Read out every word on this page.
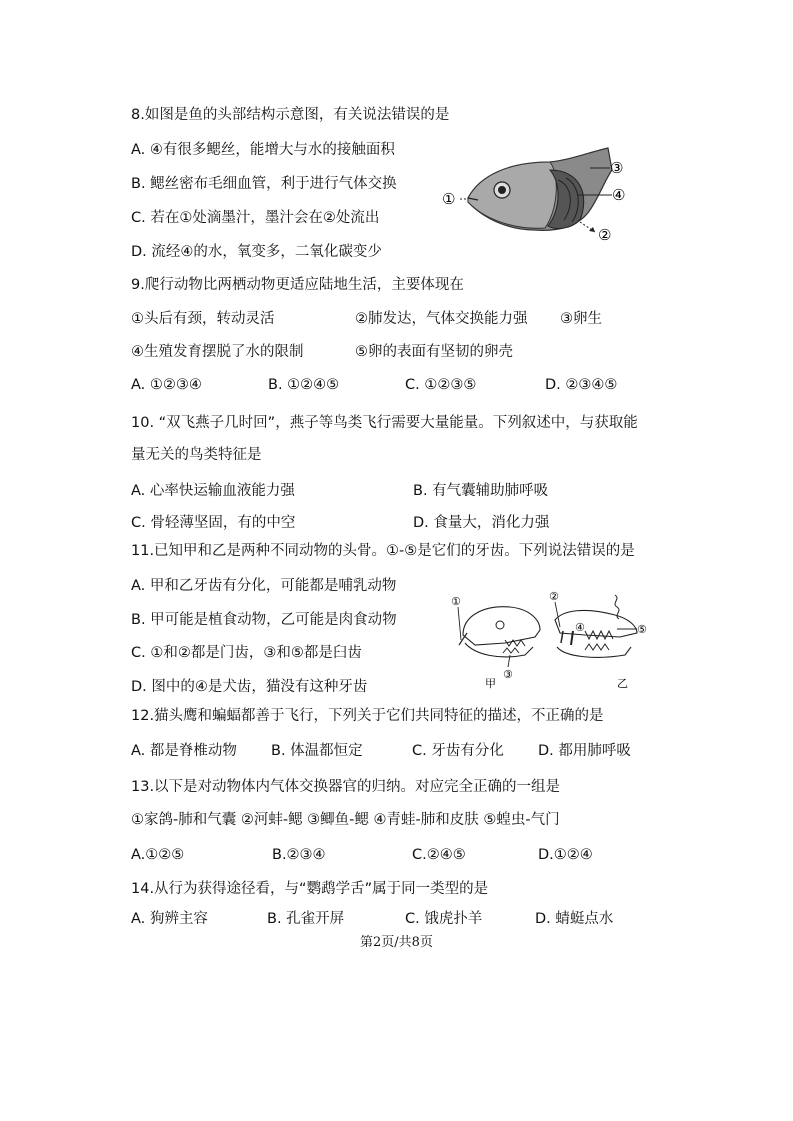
8.如图是鱼的头部结构示意图，有关说法错误的是
A. ④有很多鳃丝，能增大与水的接触面积
B. 鳃丝密布毛细血管，利于进行气体交换
C. 若在①处滴墨汁，墨汁会在②处流出
D. 流经④的水，氧变多，二氧化碳变少
①
③
④
②
9.爬行动物比两栖动物更适应陆地生活，主要体现在
①头后有颈，转动灵活	②肺发达，气体交换能力强 ③卵生
④生殖发育摆脱了水的限制	⑤卵的表面有坚韧的卵壳
A. ①②③④	B. ①②④⑤	C. ①②③⑤	D. ②③④⑤
10. “双飞燕子几时回”，燕子等鸟类飞行需要大量能量。下列叙述中，与获取能
量无关的鸟类特征是
A. 心率快运输血液能力强	B. 有气囊辅助肺呼吸
C. 骨轻薄坚固，有的中空	D. 食量大，消化力强
11.已知甲和乙是两种不同动物的头骨。①-⑤是它们的牙齿。下列说法错误的是
A. 甲和乙牙齿有分化，可能都是哺乳动物
B. 甲可能是植食动物，乙可能是肉食动物
C. ①和②都是门齿，③和⑤都是臼齿
D. 图中的④是犬齿，猫没有这种牙齿
①
③
甲
②
④	⑤
乙
12.猫头鹰和蝙蝠都善于飞行，下列关于它们共同特征的描述，不正确的是
A. 都是脊椎动物 B. 体温都恒定	C. 牙齿有分化 D. 都用肺呼吸
13.以下是对动物体内气体交换器官的归纳。对应完全正确的一组是
①家鸽-肺和气囊 ②河蚌-鳃 ③鲫鱼-鳃 ④青蛙-肺和皮肤 ⑤蝗虫-气门
A.①②⑤	B.②③④	C.②④⑤	D.①②④
14.从行为获得途径看，与“鹦鹉学舌”属于同一类型的是
A. 狗辨主容	B. 孔雀开屏	C. 饿虎扑羊	D. 蜻蜓点水
第2页/共8页
